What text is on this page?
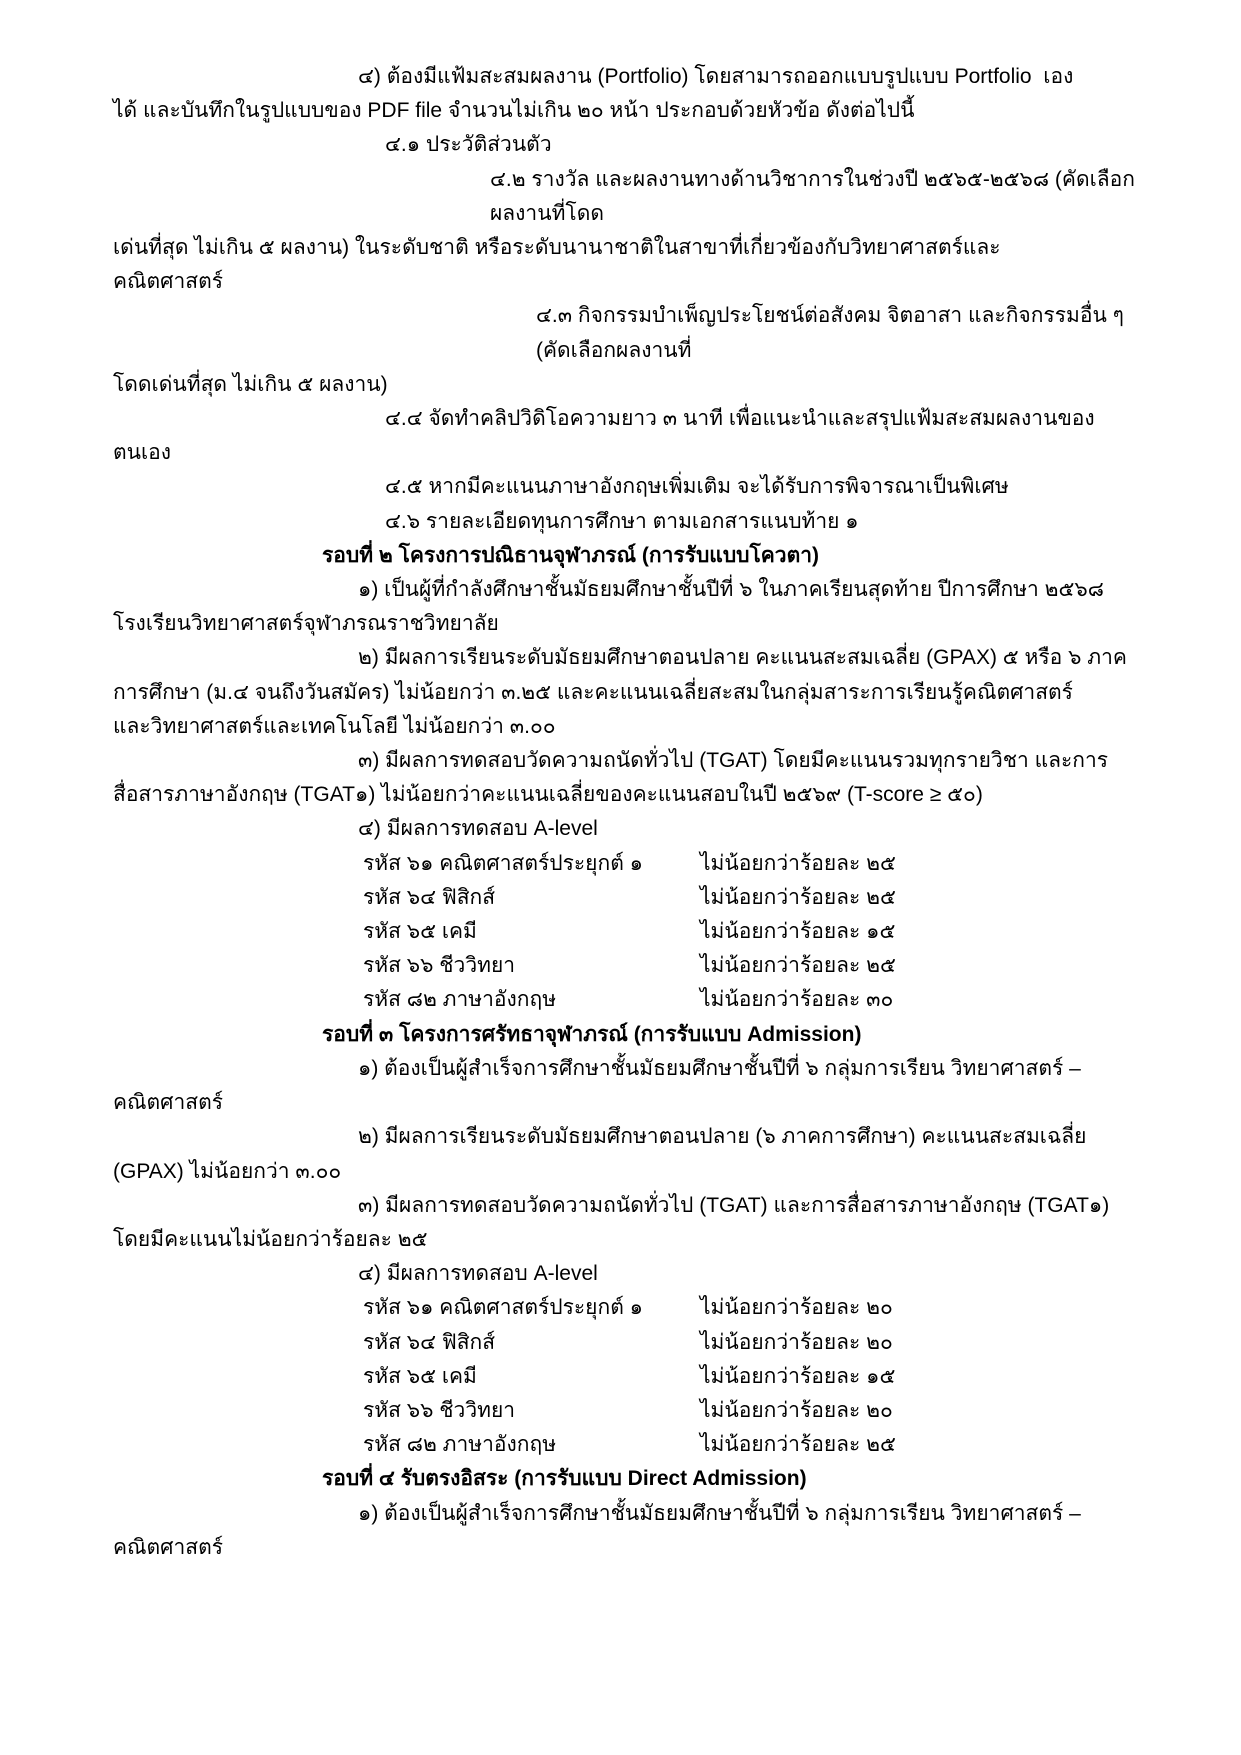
๔) ต้องมีแฟ้มสะสมผลงาน (Portfolio) โดยสามารถออกแบบรูปแบบ Portfolio  เอง
ได้ และบันทึกในรูปแบบของ PDF file จำนวนไม่เกิน ๒๐ หน้า ประกอบด้วยหัวข้อ ดังต่อไปนี้
๔.๑ ประวัติส่วนตัว
๔.๒ รางวัล และผลงานทางด้านวิชาการในช่วงปี ๒๕๖๕-๒๕๖๘ (คัดเลือกผลงานที่โดด
เด่นที่สุด ไม่เกิน ๕ ผลงาน) ในระดับชาติ หรือระดับนานาชาติในสาขาที่เกี่ยวข้องกับวิทยาศาสตร์และ
คณิตศาสตร์
๔.๓ กิจกรรมบำเพ็ญประโยชน์ต่อสังคม จิตอาสา และกิจกรรมอื่น ๆ (คัดเลือกผลงานที่
โดดเด่นที่สุด ไม่เกิน ๕ ผลงาน)
๔.๔ จัดทำคลิปวิดิโอความยาว ๓ นาที เพื่อแนะนำและสรุปแฟ้มสะสมผลงานของ
ตนเอง
๔.๕ หากมีคะแนนภาษาอังกฤษเพิ่มเติม จะได้รับการพิจารณาเป็นพิเศษ
๔.๖ รายละเอียดทุนการศึกษา ตามเอกสารแนบท้าย ๑
รอบที่ ๒ โครงการปณิธานจุฬาภรณ์ (การรับแบบโควตา)
๑) เป็นผู้ที่กำลังศึกษาชั้นมัธยมศึกษาชั้นปีที่ ๖ ในภาคเรียนสุดท้าย ปีการศึกษา ๒๕๖๘
โรงเรียนวิทยาศาสตร์จุฬาภรณราชวิทยาลัย
๒) มีผลการเรียนระดับมัธยมศึกษาตอนปลาย คะแนนสะสมเฉลี่ย (GPAX) ๕ หรือ ๖ ภาค
การศึกษา (ม.๔ จนถึงวันสมัคร) ไม่น้อยกว่า ๓.๒๕ และคะแนนเฉลี่ยสะสมในกลุ่มสาระการเรียนรู้คณิตศาสตร์
และวิทยาศาสตร์และเทคโนโลยี ไม่น้อยกว่า ๓.๐๐
๓) มีผลการทดสอบวัดความถนัดทั่วไป (TGAT) โดยมีคะแนนรวมทุกรายวิชา และการ
สื่อสารภาษาอังกฤษ (TGAT๑) ไม่น้อยกว่าคะแนนเฉลี่ยของคะแนนสอบในปี ๒๕๖๙ (T-score ≥ ๕๐)
๔) มีผลการทดสอบ A-level
รหัส ๖๑ คณิตศาสตร์ประยุกต์ ๑	ไม่น้อยกว่าร้อยละ ๒๕
รหัส ๖๔ ฟิสิกส์	ไม่น้อยกว่าร้อยละ ๒๕
รหัส ๖๕ เคมี	ไม่น้อยกว่าร้อยละ ๑๕
รหัส ๖๖ ชีววิทยา	ไม่น้อยกว่าร้อยละ ๒๕
รหัส ๘๒ ภาษาอังกฤษ	ไม่น้อยกว่าร้อยละ ๓๐
รอบที่ ๓ โครงการศรัทธาจุฬาภรณ์ (การรับแบบ Admission)
๑) ต้องเป็นผู้สำเร็จการศึกษาชั้นมัธยมศึกษาชั้นปีที่ ๖ กลุ่มการเรียน วิทยาศาสตร์ –
คณิตศาสตร์
๒) มีผลการเรียนระดับมัธยมศึกษาตอนปลาย (๖ ภาคการศึกษา) คะแนนสะสมเฉลี่ย
(GPAX) ไม่น้อยกว่า ๓.๐๐
๓) มีผลการทดสอบวัดความถนัดทั่วไป (TGAT) และการสื่อสารภาษาอังกฤษ (TGAT๑)
โดยมีคะแนนไม่น้อยกว่าร้อยละ ๒๕
๔) มีผลการทดสอบ A-level
รหัส ๖๑ คณิตศาสตร์ประยุกต์ ๑	ไม่น้อยกว่าร้อยละ ๒๐
รหัส ๖๔ ฟิสิกส์	ไม่น้อยกว่าร้อยละ ๒๐
รหัส ๖๕ เคมี	ไม่น้อยกว่าร้อยละ ๑๕
รหัส ๖๖ ชีววิทยา	ไม่น้อยกว่าร้อยละ ๒๐
รหัส ๘๒ ภาษาอังกฤษ	ไม่น้อยกว่าร้อยละ ๒๕
รอบที่ ๔ รับตรงอิสระ (การรับแบบ Direct Admission)
๑) ต้องเป็นผู้สำเร็จการศึกษาชั้นมัธยมศึกษาชั้นปีที่ ๖ กลุ่มการเรียน วิทยาศาสตร์ –
คณิตศาสตร์
